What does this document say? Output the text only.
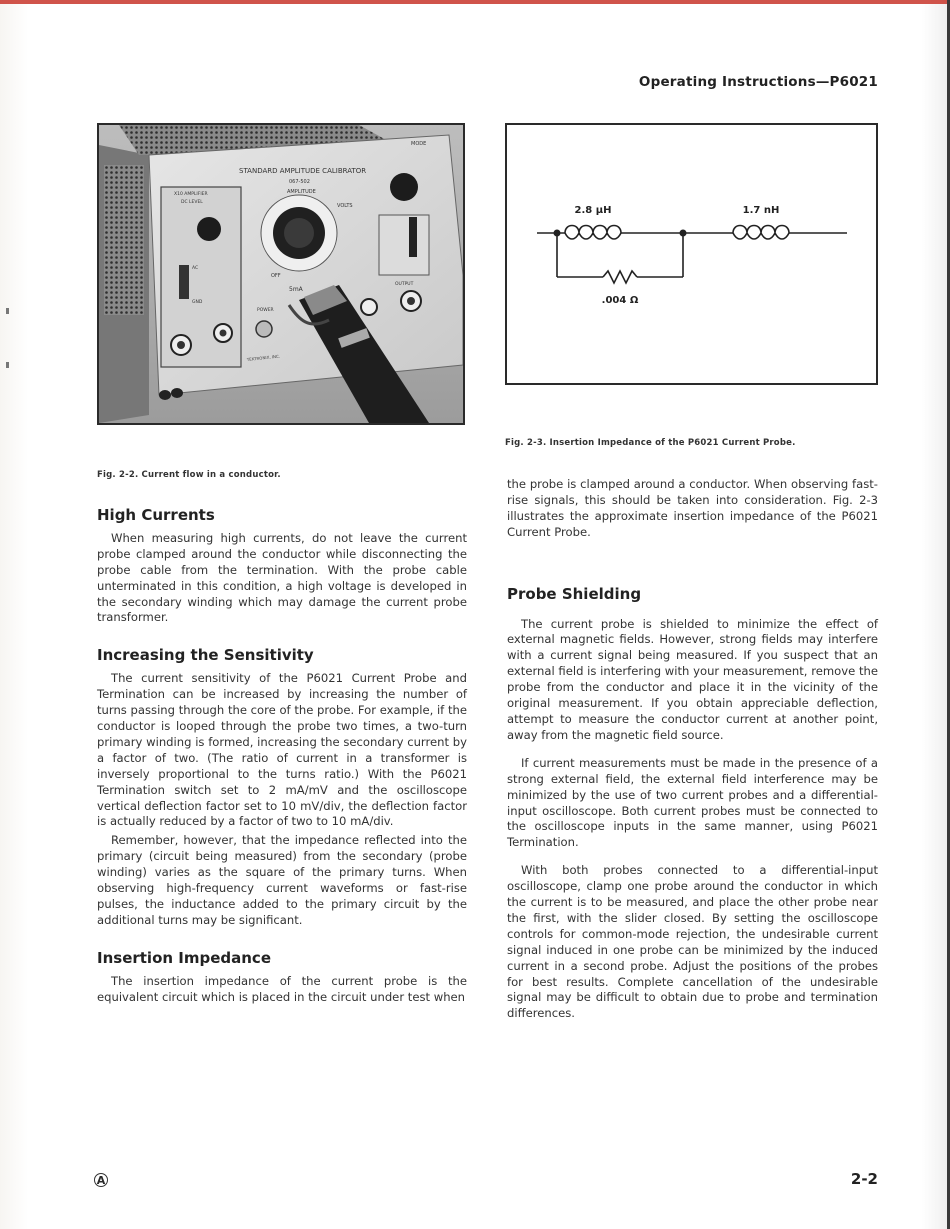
Operating Instructions—P6021
STANDARD AMPLITUDE CALIBRATOR
067-502
AMPLITUDE
MODE
X10 AMPLIFIER
DC LEVEL
AC
GND
VOLTS
OFF
5mA
OUTPUT
POWER
TEKTRONIX, INC.
Fig. 2-2. Current flow in a conductor.
2.8 μH	1.7 nH
.004 Ω
Fig. 2-3. Insertion Impedance of the P6021 Current Probe.
High Currents

When measuring high currents, do not leave the current probe clamped around the conductor while disconnecting the probe cable from the termination. With the probe cable unterminated in this condition, a high voltage is developed in the secondary winding which may damage the current probe transformer.

Increasing the Sensitivity

The current sensitivity of the P6021 Current Probe and Termination can be increased by increasing the number of turns passing through the core of the probe. For example, if the conductor is looped through the probe two times, a two-turn primary winding is formed, increasing the secondary current by a factor of two. (The ratio of current in a transformer is inversely proportional to the turns ratio.) With the P6021 Termination switch set to 2 mA/mV and the oscilloscope vertical deflection factor set to 10 mV/div, the deflection factor is actually reduced by a factor of two to 10 mA/div.

Remember, however, that the impedance reflected into the primary (circuit being measured) from the secondary (probe winding) varies as the square of the primary turns. When observing high-frequency current waveforms or fast-rise pulses, the inductance added to the primary circuit by the additional turns may be significant.

Insertion Impedance

The insertion impedance of the current probe is the equivalent circuit which is placed in the circuit under test when

the probe is clamped around a conductor. When observing fast-rise signals, this should be taken into consideration. Fig. 2-3 illustrates the approximate insertion impedance of the P6021 Current Probe.

Probe Shielding

The current probe is shielded to minimize the effect of external magnetic fields. However, strong fields may interfere with a current signal being measured. If you suspect that an external field is interfering with your measurement, remove the probe from the conductor and place it in the vicinity of the original measurement. If you obtain appreciable deflection, attempt to measure the conductor current at another point, away from the magnetic field source.

If current measurements must be made in the presence of a strong external field, the external field interference may be minimized by the use of two current probes and a differential-input oscilloscope. Both current probes must be connected to the oscilloscope inputs in the same manner, using P6021 Termination.

With both probes connected to a differential-input oscilloscope, clamp one probe around the conductor in which the current is to be measured, and place the other probe near the first, with the slider closed. By setting the oscilloscope controls for common-mode rejection, the undesirable current signal induced in one probe can be minimized by the induced current in a second probe. Adjust the positions of the probes for best results. Complete cancellation of the undesirable signal may be difficult to obtain due to probe and termination differences.

A	2-2
